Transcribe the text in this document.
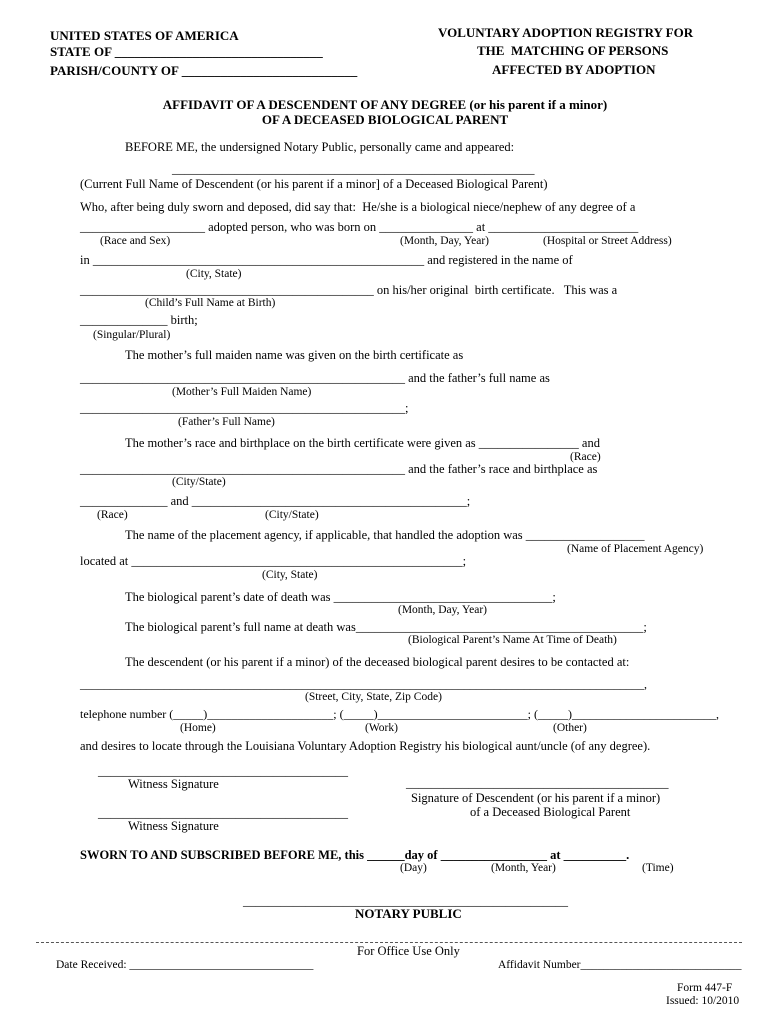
UNITED STATES OF AMERICA
STATE OF ________________________________
PARISH/COUNTY OF ___________________________
VOLUNTARY ADOPTION REGISTRY FOR
THE  MATCHING OF PERSONS
AFFECTED BY ADOPTION
AFFIDAVIT OF A DESCENDENT OF ANY DEGREE (or his parent if a minor)
OF A DECEASED BIOLOGICAL PARENT
BEFORE ME, the undersigned Notary Public, personally came and appeared:
__________________________________________________________
(Current Full Name of Descendent (or his parent if a minor] of a Deceased Biological Parent)
Who, after being duly sworn and deposed, did say that:  He/she is a biological niece/nephew of any degree of a
____________________ adopted person, who was born on _______________ at ________________________
(Race and Sex)	(Month, Day, Year)	(Hospital or Street Address)
in _____________________________________________________ and registered in the name of
(City, State)
_______________________________________________ on his/her original  birth certificate.   This was a
(Child’s Full Name at Birth)
______________ birth;
(Singular/Plural)
The mother’s full maiden name was given on the birth certificate as
____________________________________________________ and the father’s full name as
(Mother’s Full Maiden Name)
____________________________________________________;
(Father’s Full Name)
The mother’s race and birthplace on the birth certificate were given as ________________ and
(Race)
____________________________________________________ and the father’s race and birthplace as
(City/State)
______________ and ____________________________________________;
(Race)	(City/State)
The name of the placement agency, if applicable, that handled the adoption was ___________________
(Name of Placement Agency)
located at _____________________________________________________;
(City, State)
The biological parent’s date of death was ___________________________________;
(Month, Day, Year)
The biological parent’s full name at death was______________________________________________;
(Biological Parent’s Name At Time of Death)
The descendent (or his parent if a minor) of the deceased biological parent desires to be contacted at:
______________________________________________________________________________________________,
(Street, City, State, Zip Code)
telephone number (_____)_____________________; (_____)_________________________; (_____)________________________,
(Home)	(Work)	(Other)
and desires to locate through the Louisiana Voluntary Adoption Registry his biological aunt/uncle (of any degree).
________________________________________
Witness Signature	__________________________________________
Signature of Descendent (or his parent if a minor)
of a Deceased Biological Parent
________________________________________
Witness Signature
SWORN TO AND SUBSCRIBED BEFORE ME, this ______day of _________________ at __________.
(Day)	(Month, Year)	(Time)
____________________________________________________
NOTARY PUBLIC
For Office Use Only
Date Received: ________________________________	Affidavit Number____________________________
Form 447-F
Issued: 10/2010
